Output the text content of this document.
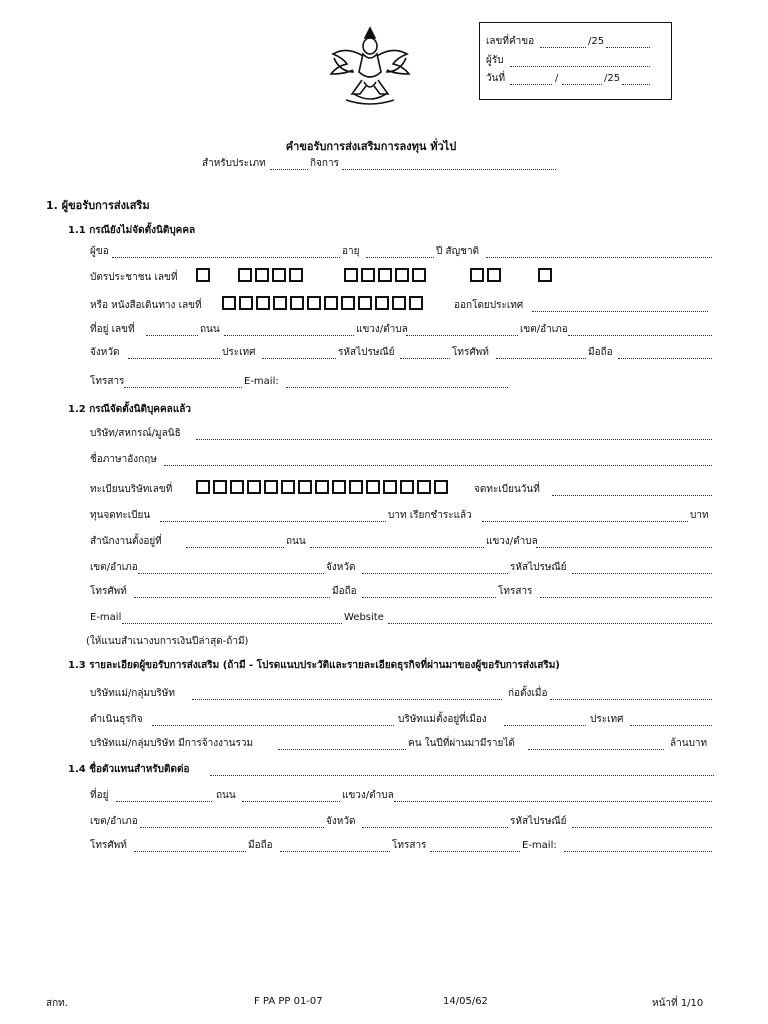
เลขที่คำขอ	/25
ผู้รับ
วันที่	/	/25
คำขอรับการส่งเสริมการลงทุน ทั่วไป
สำหรับประเภท	กิจการ
1. ผู้ขอรับการส่งเสริม
1.1 กรณียังไม่จัดตั้งนิติบุคคล
ผู้ขอ	อายุ	ปี สัญชาติ
บัตรประชาชน เลขที่
หรือ หนังสือเดินทาง เลขที่	ออกโดยประเทศ
ที่อยู่ เลขที่	ถนน	แขวง/ตำบล	เขต/อำเภอ
จังหวัด	ประเทศ	รหัสไปรษณีย์	โทรศัพท์	มือถือ
โทรสาร	E-mail:
1.2 กรณีจัดตั้งนิติบุคคลแล้ว
บริษัท/สหกรณ์/มูลนิธิ
ชื่อภาษาอังกฤษ
ทะเบียนบริษัทเลขที่	จดทะเบียนวันที่
ทุนจดทะเบียน	บาท เรียกชำระแล้ว	บาท
สำนักงานตั้งอยู่ที่	ถนน	แขวง/ตำบล
เขต/อำเภอ	จังหวัด	รหัสไปรษณีย์
โทรศัพท์	มือถือ	โทรสาร
E-mail	Website
(ให้แนบสำเนางบการเงินปีล่าสุด-ถ้ามี)
1.3 รายละเอียดผู้ขอรับการส่งเสริม (ถ้ามี - โปรดแนบประวัติและรายละเอียดธุรกิจที่ผ่านมาของผู้ขอรับการส่งเสริม)
บริษัทแม่/กลุ่มบริษัท	ก่อตั้งเมื่อ
ดำเนินธุรกิจ	บริษัทแม่ตั้งอยู่ที่เมือง	ประเทศ
บริษัทแม่/กลุ่มบริษัท มีการจ้างงานรวม	คน ในปีที่ผ่านมามีรายได้	ล้านบาท
1.4 ชื่อตัวแทนสำหรับติดต่อ
ที่อยู่	ถนน	แขวง/ตำบล
เขต/อำเภอ	จังหวัด	รหัสไปรษณีย์
โทรศัพท์	มือถือ	โทรสาร	E-mail:
สกท.	F PA PP 01-07	14/05/62	หน้าที่ 1/10
